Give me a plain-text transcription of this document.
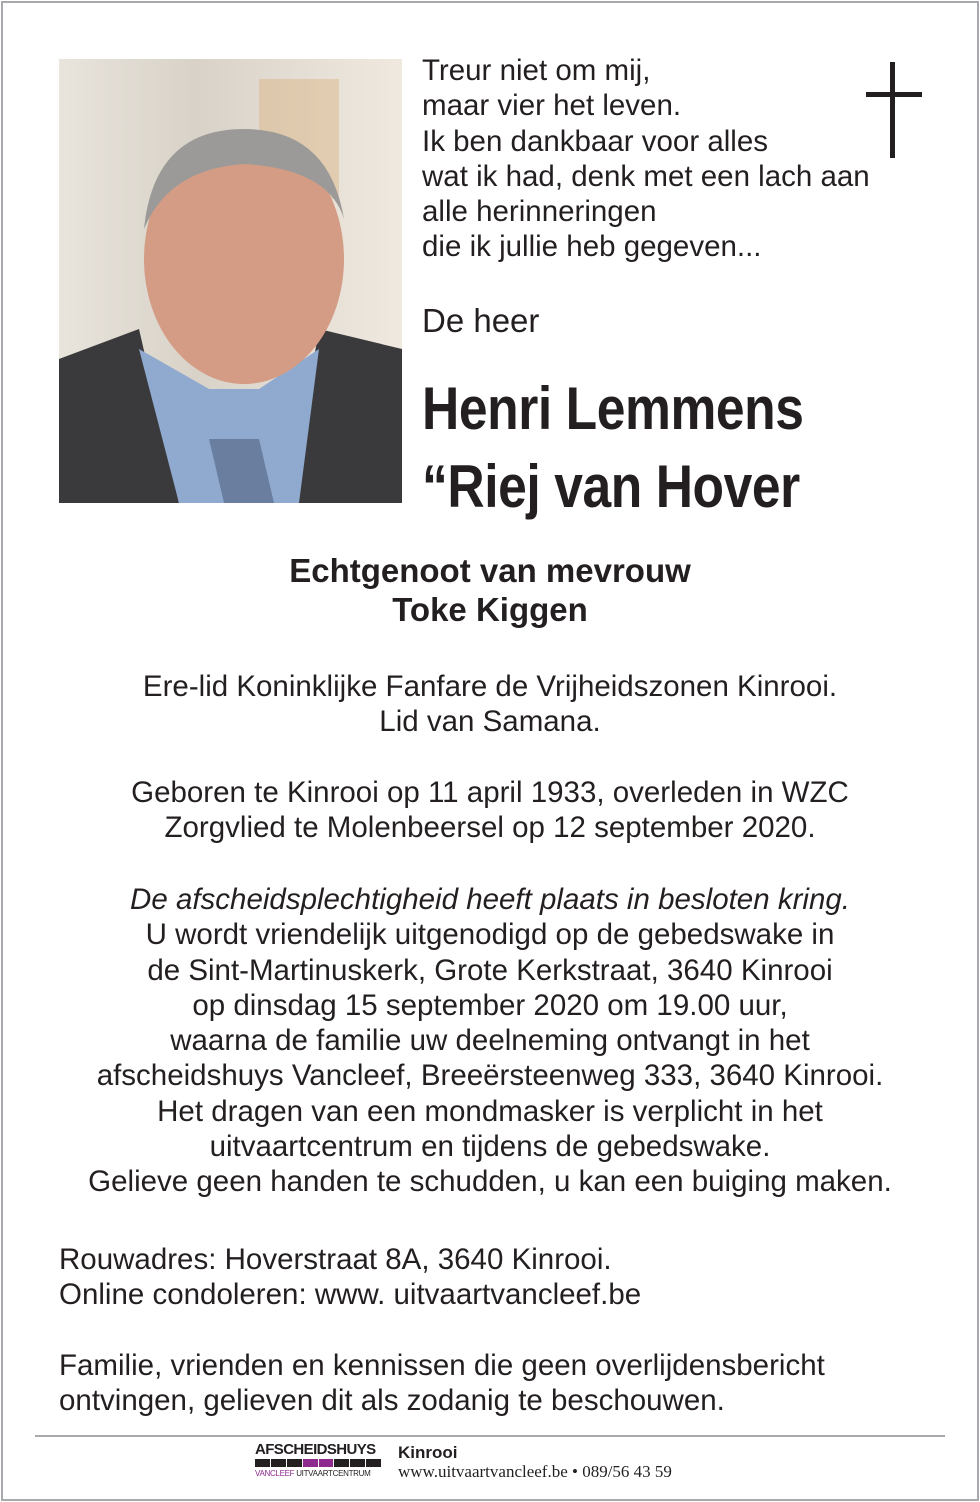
Treur niet om mij,
maar vier het leven.
Ik ben dankbaar voor alles
wat ik had, denk met een lach aan
alle herinneringen
die ik jullie heb gegeven...
De heer
Henri Lemmens
“Riej van Hover
Echtgenoot van mevrouw
Toke Kiggen
Ere-lid Koninklijke Fanfare de Vrijheidszonen Kinrooi.
Lid van Samana.
Geboren te Kinrooi op 11 april 1933, overleden in WZC
Zorgvlied te Molenbeersel op 12 september 2020.
De afscheidsplechtigheid heeft plaats in besloten kring.
U wordt vriendelijk uitgenodigd op de gebedswake in
de Sint-Martinuskerk, Grote Kerkstraat, 3640 Kinrooi
op dinsdag 15 september 2020 om 19.00 uur,
waarna de familie uw deelneming ontvangt in het
afscheidshuys Vancleef, Breeërsteenweg 333, 3640 Kinrooi.
Het dragen van een mondmasker is verplicht in het
uitvaartcentrum en tijdens de gebedswake.
Gelieve geen handen te schudden, u kan een buiging maken.
Rouwadres: Hoverstraat 8A, 3640 Kinrooi.
Online condoleren: www. uitvaartvancleef.be
Familie, vrienden en kennissen die geen overlijdensbericht
ontvingen, gelieven dit als zodanig te beschouwen.
AFSCHEIDSHUYS
VANCLEEF UITVAARTCENTRUM
Kinrooi
www.uitvaartvancleef.be • 089/56 43 59
